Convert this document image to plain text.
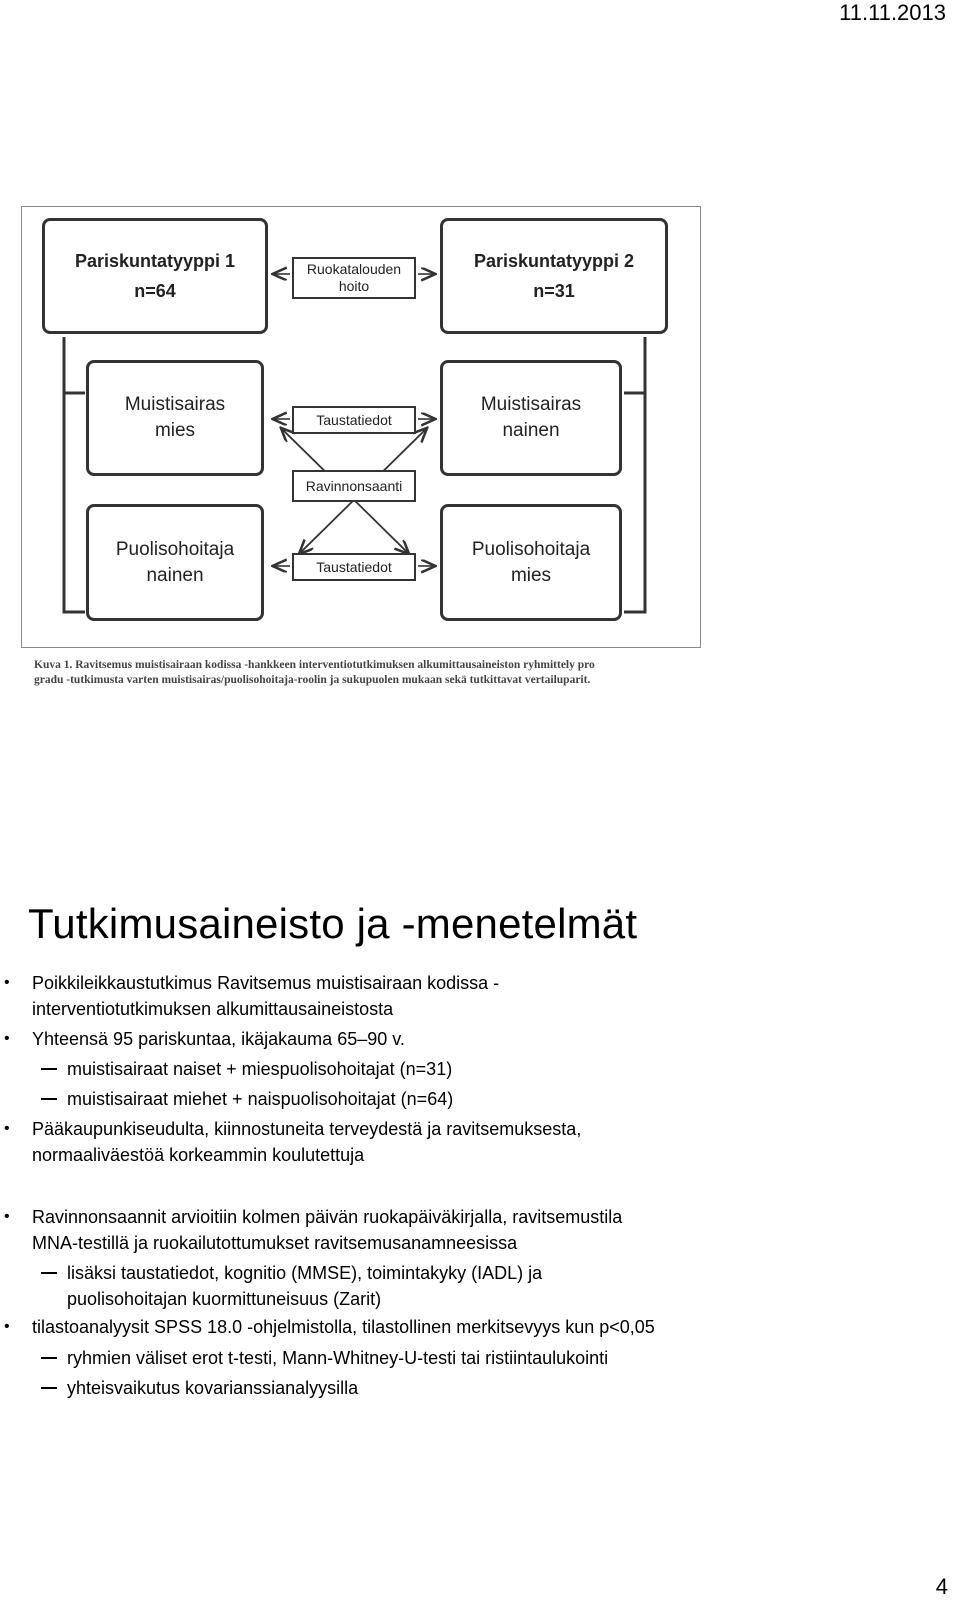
11.11.2013
Pariskuntatyyppi 1
n=64
Pariskuntatyyppi 2
n=31
Ruokatalouden
hoito
Muistisairas
mies
Muistisairas
nainen
Taustatiedot
Ravinnonsaanti
Puolisohoitaja
nainen
Puolisohoitaja
mies
Taustatiedot
Kuva 1. Ravitsemus muistisairaan kodissa -hankkeen interventiotutkimuksen alkumittausaineiston ryhmittely pro
gradu -tutkimusta varten muistisairas/puolisohoitaja-roolin ja sukupuolen mukaan sekä tutkittavat vertailuparit.
Tutkimusaineisto ja -menetelmät
• Poikkileikkaustutkimus Ravitsemus muistisairaan kodissa -
interventiotutkimuksen alkumittausaineistosta
• Yhteensä 95 pariskuntaa, ikäjakauma 65–90 v.
muistisairaat naiset + miespuolisohoitajat (n=31)
muistisairaat miehet + naispuolisohoitajat (n=64)
• Pääkaupunkiseudulta, kiinnostuneita terveydestä ja ravitsemuksesta,
normaaliväestöä korkeammin koulutettuja
• Ravinnonsaannit arvioitiin kolmen päivän ruokapäiväkirjalla, ravitsemustila
MNA-testillä ja ruokailutottumukset ravitsemusanamneesissa
lisäksi taustatiedot, kognitio (MMSE), toimintakyky (IADL) ja
puolisohoitajan kuormittuneisuus (Zarit)
• tilastoanalyysit SPSS 18.0 -ohjelmistolla, tilastollinen merkitsevyys kun p<0,05
ryhmien väliset erot t-testi, Mann-Whitney-U-testi tai ristiintaulukointi
yhteisvaikutus kovarianssianalyysilla
4
